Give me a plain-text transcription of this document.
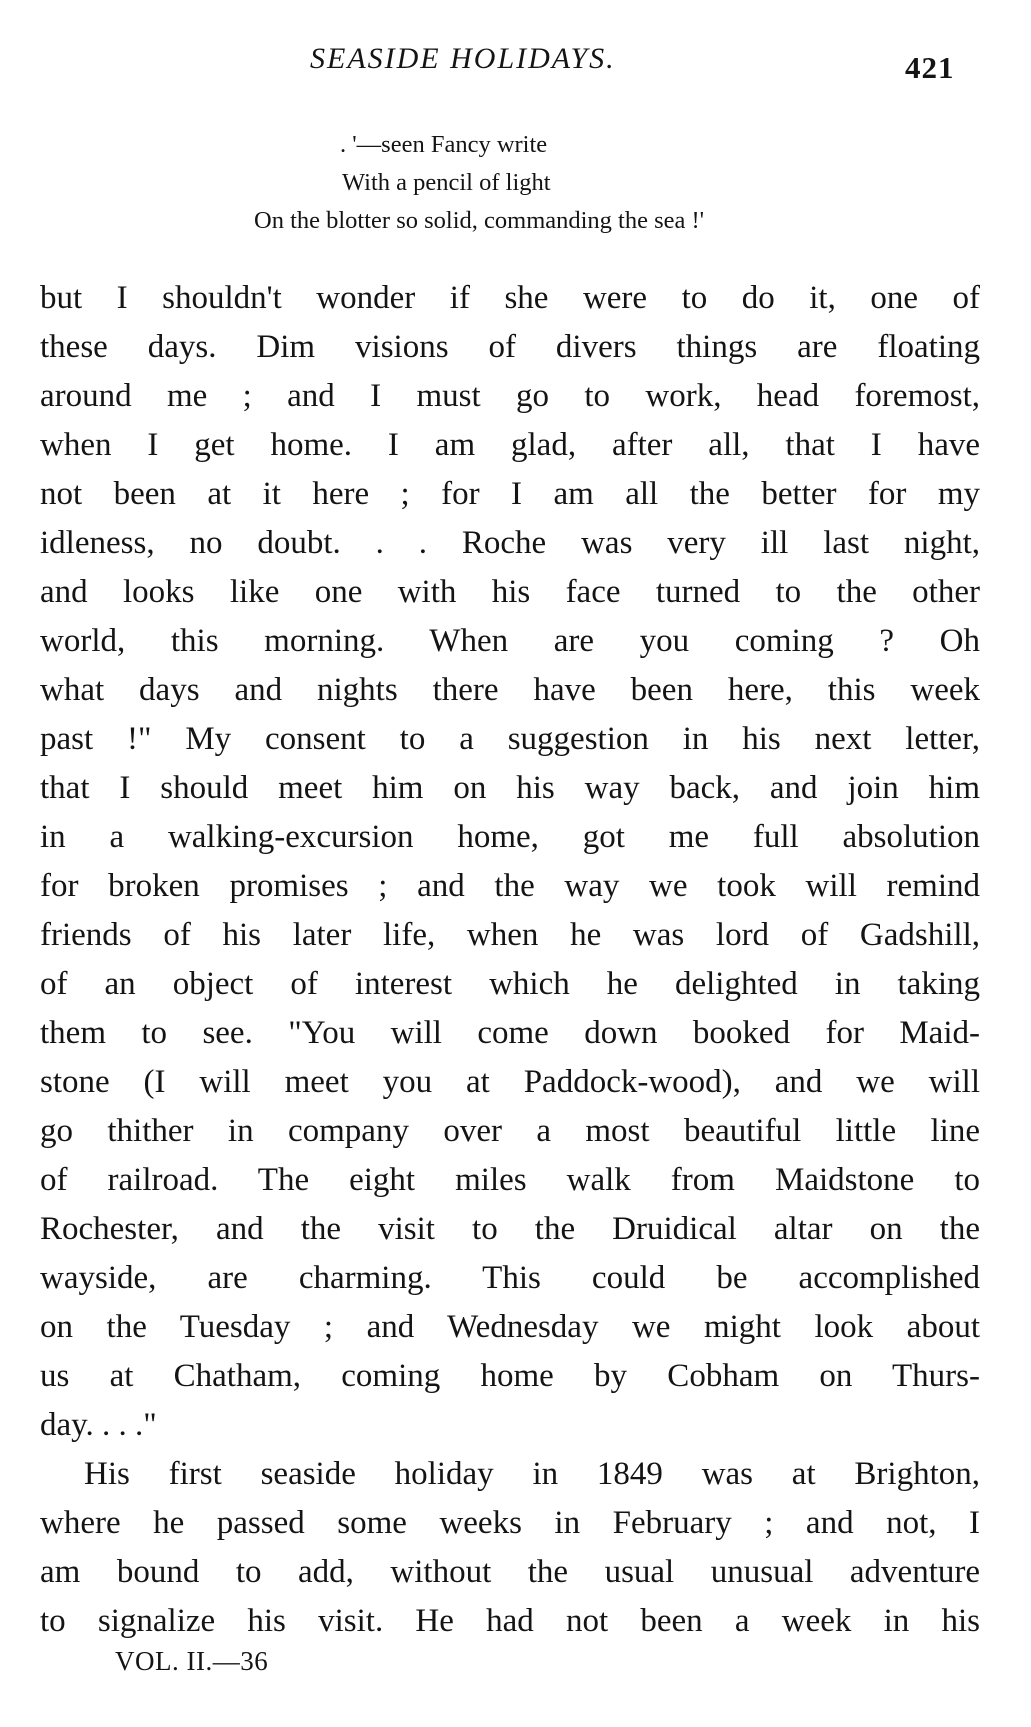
SEASIDE HOLIDAYS.	421
. '—seen Fancy write
With a pencil of light
On the blotter so solid, commanding the sea !'
but I shouldn't wonder if she were to do it, one of
these days. Dim visions of divers things are floating
around me ; and I must go to work, head foremost,
when I get home. I am glad, after all, that I have
not been at it here ; for I am all the better for my
idleness, no doubt. . . Roche was very ill last night,
and looks like one with his face turned to the other
world, this morning. When are you coming ? Oh
what days and nights there have been here, this week
past !" My consent to a suggestion in his next letter,
that I should meet him on his way back, and join him
in a walking-excursion home, got me full absolution
for broken promises ; and the way we took will remind
friends of his later life, when he was lord of Gadshill,
of an object of interest which he delighted in taking
them to see. "You will come down booked for Maid-
stone (I will meet you at Paddock-wood), and we will
go thither in company over a most beautiful little line
of railroad. The eight miles walk from Maidstone to
Rochester, and the visit to the Druidical altar on the
wayside, are charming. This could be accomplished
on the Tuesday ; and Wednesday we might look about
us at Chatham, coming home by Cobham on Thurs-
day. . . ."
His first seaside holiday in 1849 was at Brighton,
where he passed some weeks in February ; and not, I
am bound to add, without the usual unusual adventure
to signalize his visit. He had not been a week in his
VOL. II.—36
